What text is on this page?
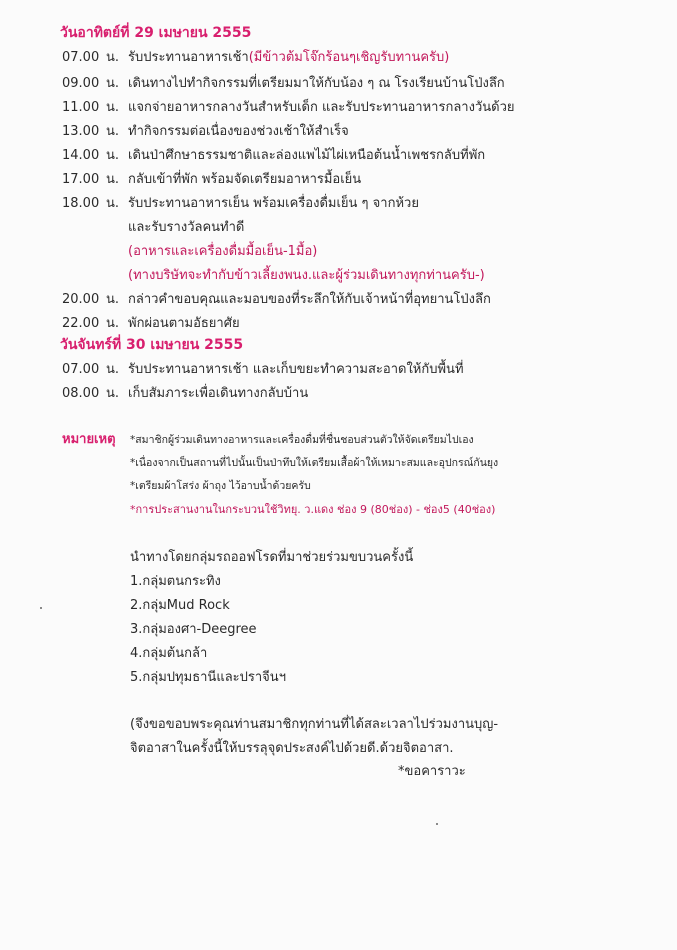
วันอาทิตย์ที่ 29 เมษายน 2555
07.00 น. รับประทานอาหารเช้า(มีข้าวต้มโจ๊กร้อนๆเชิญรับทานครับ)
09.00 น. เดินทางไปทำกิจกรรมที่เตรียมมาให้กับน้อง ๆ ณ โรงเรียนบ้านโป่งลึก
11.00 น. แจกจ่ายอาหารกลางวันสำหรับเด็ก และรับประทานอาหารกลางวันด้วย
13.00 น. ทำกิจกรรมต่อเนื่องของช่วงเช้าให้สำเร็จ
14.00 น. เดินป่าศึกษาธรรมชาติและล่องแพไม้ไผ่เหนือต้นน้ำเพชรกลับที่พัก
17.00 น. กลับเข้าที่พัก พร้อมจัดเตรียมอาหารมื้อเย็น
18.00 น. รับประทานอาหารเย็น พร้อมเครื่องดื่มเย็น ๆ จากห้วย
และรับรางวัลคนทำดี
(อาหารและเครื่องดื่มมื้อเย็น-1มื้อ)
(ทางบริษัทจะทำกับข้าวเลี้ยงพนง.และผู้ร่วมเดินทางทุกท่านครับ-)
20.00 น. กล่าวคำขอบคุณและมอบของที่ระลึกให้กับเจ้าหน้าที่อุทยานโป่งลึก
22.00 น. พักผ่อนตามอัธยาศัย
วันจันทร์ที่ 30 เมษายน 2555
07.00 น. รับประทานอาหารเช้า และเก็บขยะทำความสะอาดให้กับพื้นที่
08.00 น. เก็บสัมภาระเพื่อเดินทางกลับบ้าน
หมายเหตุ *สมาชิกผู้ร่วมเดินทางอาหารและเครื่องดื่มที่ชื่นชอบส่วนตัวให้จัดเตรียมไปเอง
*เนื่องจากเป็นสถานที่ไปนั้นเป็นป่าทึบให้เตรียมเสื้อผ้าให้เหมาะสมและอุปกรณ์กันยุง
*เตรียมผ้าโสร่ง ผ้าถุง ไว้อาบน้ำด้วยครับ
*การประสานงานในกระบวนใช้วิทยุ. ว.แดง ช่อง 9 (80ช่อง) - ช่อง5 (40ช่อง)
นำทางโดยกลุ่มรถออฟโรดที่มาช่วยร่วมขบวนครั้งนี้
1.กลุ่มตนกระทิง
2.กลุ่มMud Rock
3.กลุ่มองศา-Deegree
4.กลุ่มต้นกล้า
5.กลุ่มปทุมธานีและปราจีนฯ
(จึงขอขอบพระคุณท่านสมาชิกทุกท่านที่ได้สละเวลาไปร่วมงานบุญ-
จิตอาสาในครั้งนี้ให้บรรลุจุดประสงค์ไปด้วยดี.ด้วยจิตอาสา.
*ขอคาราวะ
